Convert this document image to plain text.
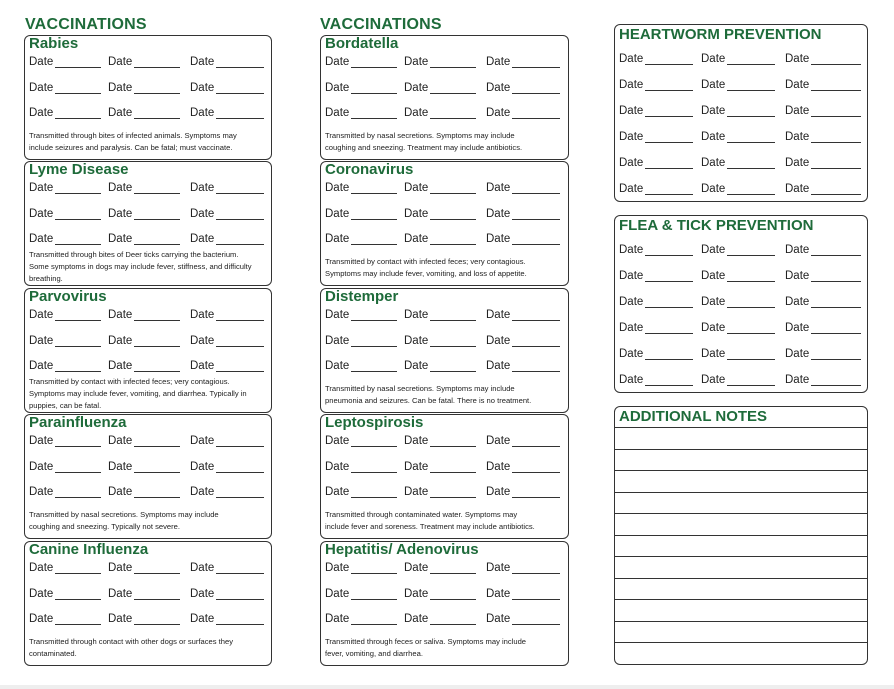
VACCINATIONS	VACCINATIONS
Rabies
Date	Date	Date
Date	Date	Date
Date	Date	Date
Transmitted through bites of infected animals. Symptoms may
include seizures and paralysis. Can be fatal; must vaccinate.
Lyme Disease
Date	Date	Date
Date	Date	Date
Date	Date	Date
Transmitted through bites of Deer ticks carrying the bacterium.
Some symptoms in dogs may include fever, stiffness, and difficulty
breathing.
Parvovirus
Date	Date	Date
Date	Date	Date
Date	Date	Date
Transmitted by contact with infected feces; very contagious.
Symptoms may include fever, vomiting, and diarrhea. Typically in
puppies, can be fatal.
Parainfluenza
Date	Date	Date
Date	Date	Date
Date	Date	Date
Transmitted by nasal secretions. Symptoms may include
coughing and sneezing. Typically not severe.
Canine Influenza
Date	Date	Date
Date	Date	Date
Date	Date	Date
Transmitted through contact with other dogs or surfaces they
contaminated.
Bordatella
Date	Date	Date
Date	Date	Date
Date	Date	Date
Transmitted by nasal secretions. Symptoms may include
coughing and sneezing. Treatment may include antibiotics.
Coronavirus
Date	Date	Date
Date	Date	Date
Date	Date	Date
Transmitted by contact with infected feces; very contagious.
Symptoms may include fever, vomiting, and loss of appetite.
Distemper
Date	Date	Date
Date	Date	Date
Date	Date	Date
Transmitted by nasal secretions. Symptoms may include
pneumonia and seizures. Can be fatal. There is no treatment.
Leptospirosis
Date	Date	Date
Date	Date	Date
Date	Date	Date
Transmitted through contaminated water. Symptoms may
include fever and soreness. Treatment may include antibiotics.
Hepatitis/ Adenovirus
Date	Date	Date
Date	Date	Date
Date	Date	Date
Transmitted through feces or saliva. Symptoms may include
fever, vomiting, and diarrhea.
HEARTWORM PREVENTION
Date	Date	Date
Date	Date	Date
Date	Date	Date
Date	Date	Date
Date	Date	Date
Date	Date	Date
FLEA & TICK PREVENTION
Date	Date	Date
Date	Date	Date
Date	Date	Date
Date	Date	Date
Date	Date	Date
Date	Date	Date
ADDITIONAL NOTES
